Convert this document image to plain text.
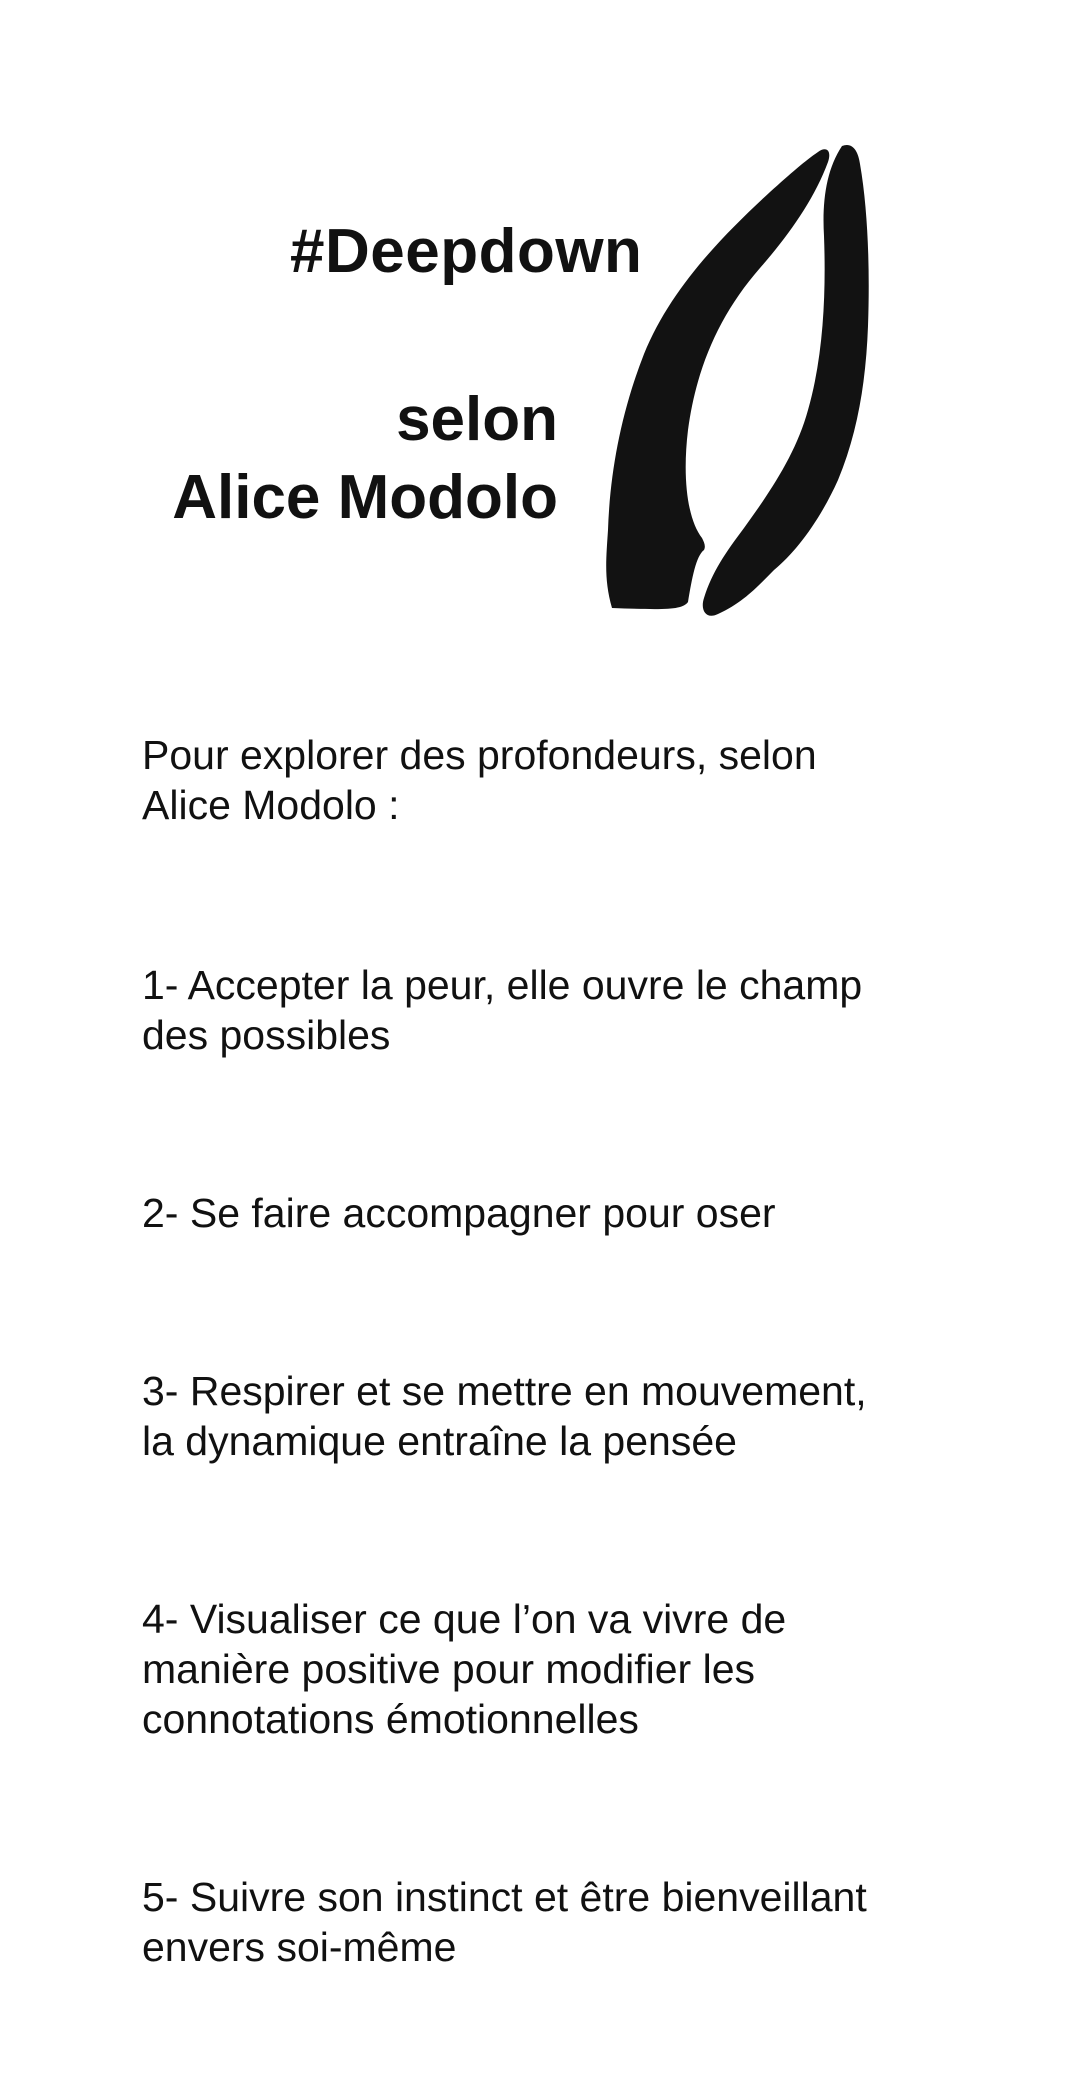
#Deepdown
selon
Alice Modolo

Pour explorer des profondeurs, selon
Alice Modolo :

1- Accepter la peur, elle ouvre le champ
des possibles

2- Se faire accompagner pour oser

3- Respirer et se mettre en mouvement,
la dynamique entraîne la pensée

4- Visualiser ce que l’on va vivre de
manière positive pour modifier les
connotations émotionnelles

5- Suivre son instinct et être bienveillant
envers soi-même
